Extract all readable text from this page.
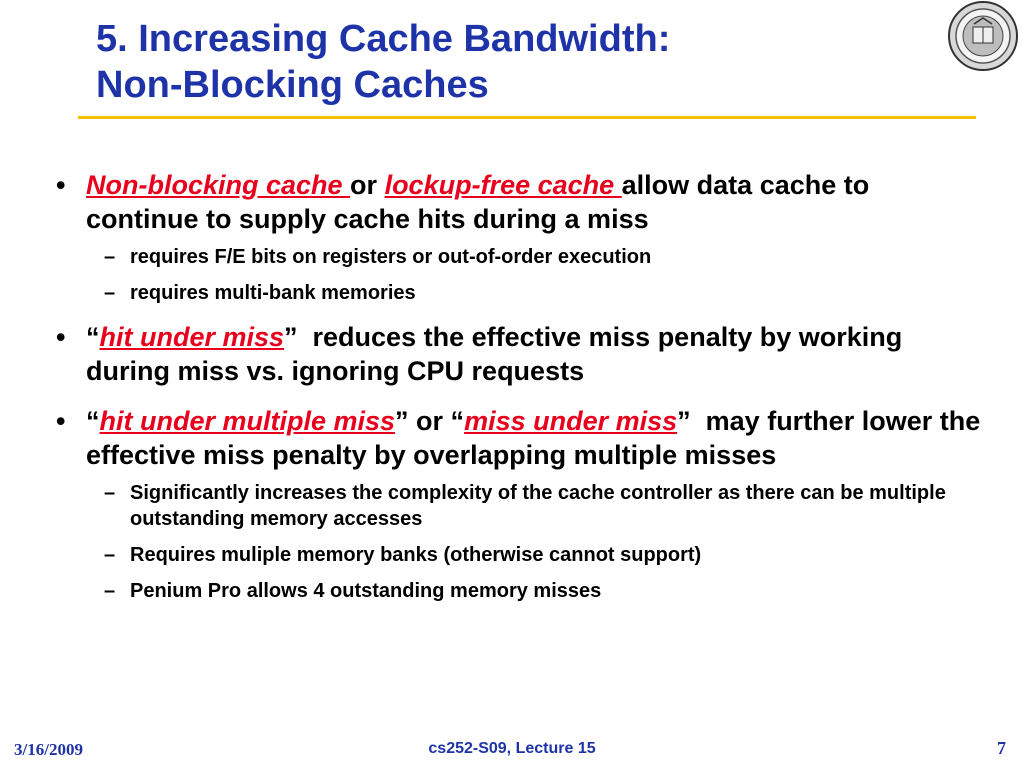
5. Increasing Cache Bandwidth:
Non-Blocking Caches
• Non-blocking cache or lockup-free cache allow data cache to continue to supply cache hits during a miss
– requires F/E bits on registers or out-of-order execution
– requires multi-bank memories
• “hit under miss”  reduces the effective miss penalty by working during miss vs. ignoring CPU requests
• “hit under multiple miss” or “miss under miss”  may further lower the effective miss penalty by overlapping multiple misses
– Significantly increases the complexity of the cache controller as there can be multiple outstanding memory accesses
– Requires muliple memory banks (otherwise cannot support)
– Penium Pro allows 4 outstanding memory misses
3/16/2009	cs252-S09, Lecture 15	7
